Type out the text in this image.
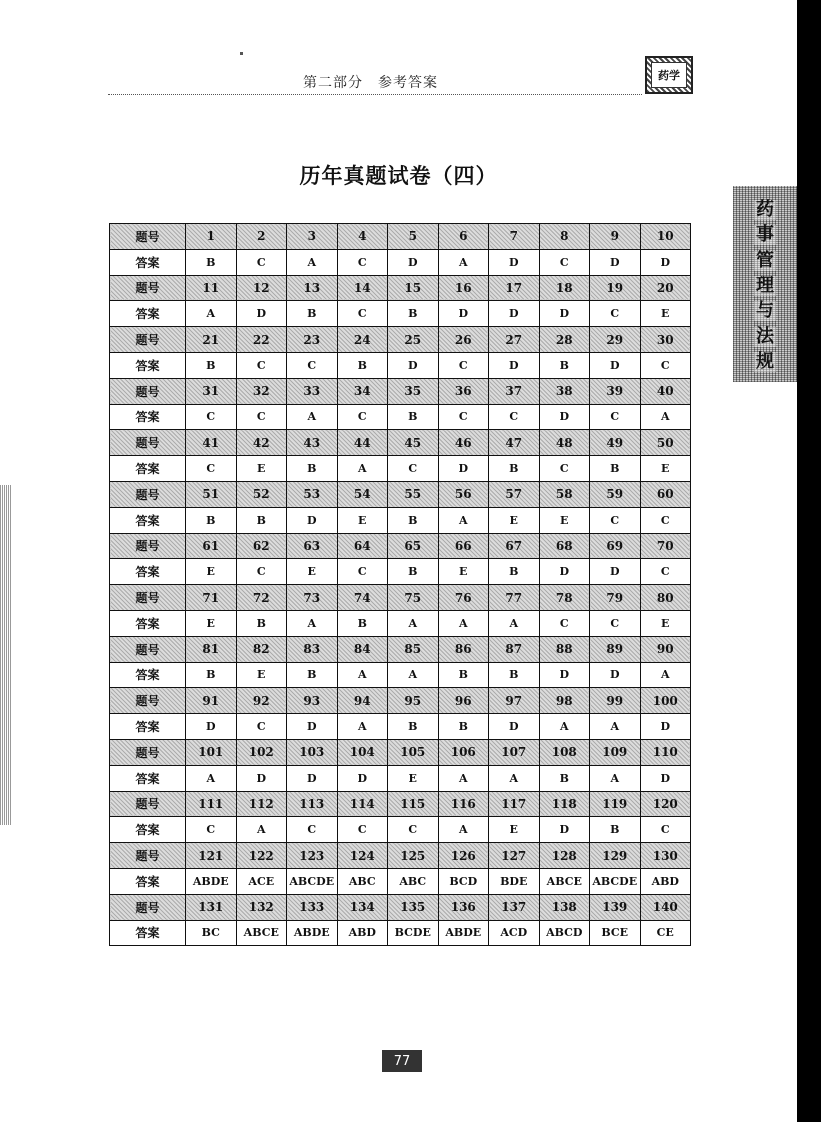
第二部分　参考答案	药学
历年真题试卷（四）
药
事
管
理
与
法
规
题号	1	2	3	4	5	6	7	8	9	10
答案	B	C	A	C	D	A	D	C	D	D
题号	11	12	13	14	15	16	17	18	19	20
答案	A	D	B	C	B	D	D	D	C	E
题号	21	22	23	24	25	26	27	28	29	30
答案	B	C	C	B	D	C	D	B	D	C
题号	31	32	33	34	35	36	37	38	39	40
答案	C	C	A	C	B	C	C	D	C	A
题号	41	42	43	44	45	46	47	48	49	50
答案	C	E	B	A	C	D	B	C	B	E
题号	51	52	53	54	55	56	57	58	59	60
答案	B	B	D	E	B	A	E	E	C	C
题号	61	62	63	64	65	66	67	68	69	70
答案	E	C	E	C	B	E	B	D	D	C
题号	71	72	73	74	75	76	77	78	79	80
答案	E	B	A	B	A	A	A	C	C	E
题号	81	82	83	84	85	86	87	88	89	90
答案	B	E	B	A	A	B	B	D	D	A
题号	91	92	93	94	95	96	97	98	99	100
答案	D	C	D	A	B	B	D	A	A	D
题号	101	102	103	104	105	106	107	108	109	110
答案	A	D	D	D	E	A	A	B	A	D
题号	111	112	113	114	115	116	117	118	119	120
答案	C	A	C	C	C	A	E	D	B	C
题号	121	122	123	124	125	126	127	128	129	130
答案	ABDE	ACE	ABCDE	ABC	ABC	BCD	BDE	ABCE	ABCDE	ABD
题号	131	132	133	134	135	136	137	138	139	140
答案	BC	ABCE	ABDE	ABD	BCDE	ABDE	ACD	ABCD	BCE	CE
77
